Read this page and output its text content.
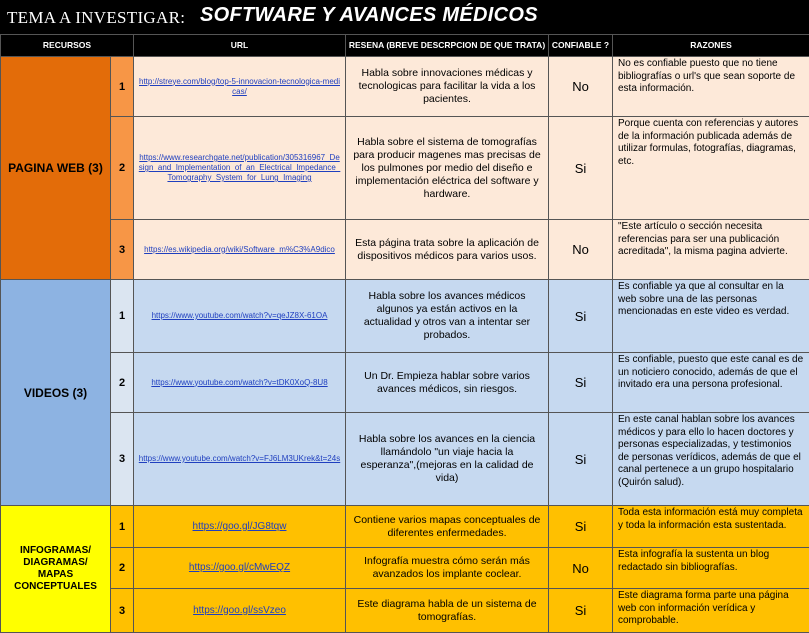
TEMA A INVESTIGAR: SOFTWARE Y AVANCES MÉDICOS
RECURSOS		URL	RESENA (BREVE DESCRPCION DE QUE TRATA)	CONFIABLE ?	RAZONES
PAGINA WEB (3)	1	http://streye.com/blog/top-5-innovacion-tecnologica-medicas/	Habla sobre innovaciones médicas y tecnologicas para facilitar la vida a los pacientes.	No	No es confiable puesto que no tiene bibliografías o url's que sean soporte de esta información.
	2	https://www.researchgate.net/publication/305316967_Design_and_Implementation_of_an_Electrical_Impedance_Tomography_System_for_Lung_Imaging	Habla sobre el sistema de tomografías para producir magenes mas precisas de los pulmones por medio del diseño e implementación eléctrica del software y hardware.	Si	Porque cuenta con referencias y autores de la información publicada además de utilizar formulas, fotografías, diagramas, etc.
	3	https://es.wikipedia.org/wiki/Software_m%C3%A9dico	Esta página trata sobre la aplicación de dispositivos médicos para varios usos.	No	"Este artículo o sección necesita referencias para ser una publicación acreditada", la misma pagina advierte.
VIDEOS (3)	1	https://www.youtube.com/watch?v=qeJZ8X-61OA	Habla sobre los avances médicos algunos ya están activos en la actualidad y otros van a intentar ser probados.	Si	Es confiable ya que al consultar en la web sobre una de las personas mencionadas en este video es verdad.
	2	https://www.youtube.com/watch?v=tDK0XoQ-8U8	Un Dr. Empieza hablar sobre varios avances médicos, sin riesgos.	Si	Es confiable, puesto que este canal es de un noticiero conocido, además de que el invitado era una persona profesional.
	3	https://www.youtube.com/watch?v=FJ6LM3UKrek&t=24s	Habla sobre los avances en la ciencia llamándolo "un viaje hacia la esperanza",(mejoras en la calidad de vida)	Si	En este canal hablan sobre los avances médicos y para ello lo hacen doctores y personas especializadas, y testimonios de personas verídicos, además de que el canal pertenece a un grupo hospitalario (Quirón salud).
INFOGRAMAS/ DIAGRAMAS/ MAPAS CONCEPTUALES	1	https://goo.gl/JG8tqw	Contiene varios mapas conceptuales de diferentes enfermedades.	Si	Toda esta información está muy completa y toda la información esta sustentada.
	2	https://goo.gl/cMwEQZ	Infografía muestra cómo serán más avanzados los implante coclear.	No	Esta infografía la sustenta un blog redactado sin bibliografías.
	3	https://goo.gl/ssVzeo	Este diagrama habla de un sistema de tomografías.	Si	Este diagrama forma parte una página web con información verídica y comprobable.
